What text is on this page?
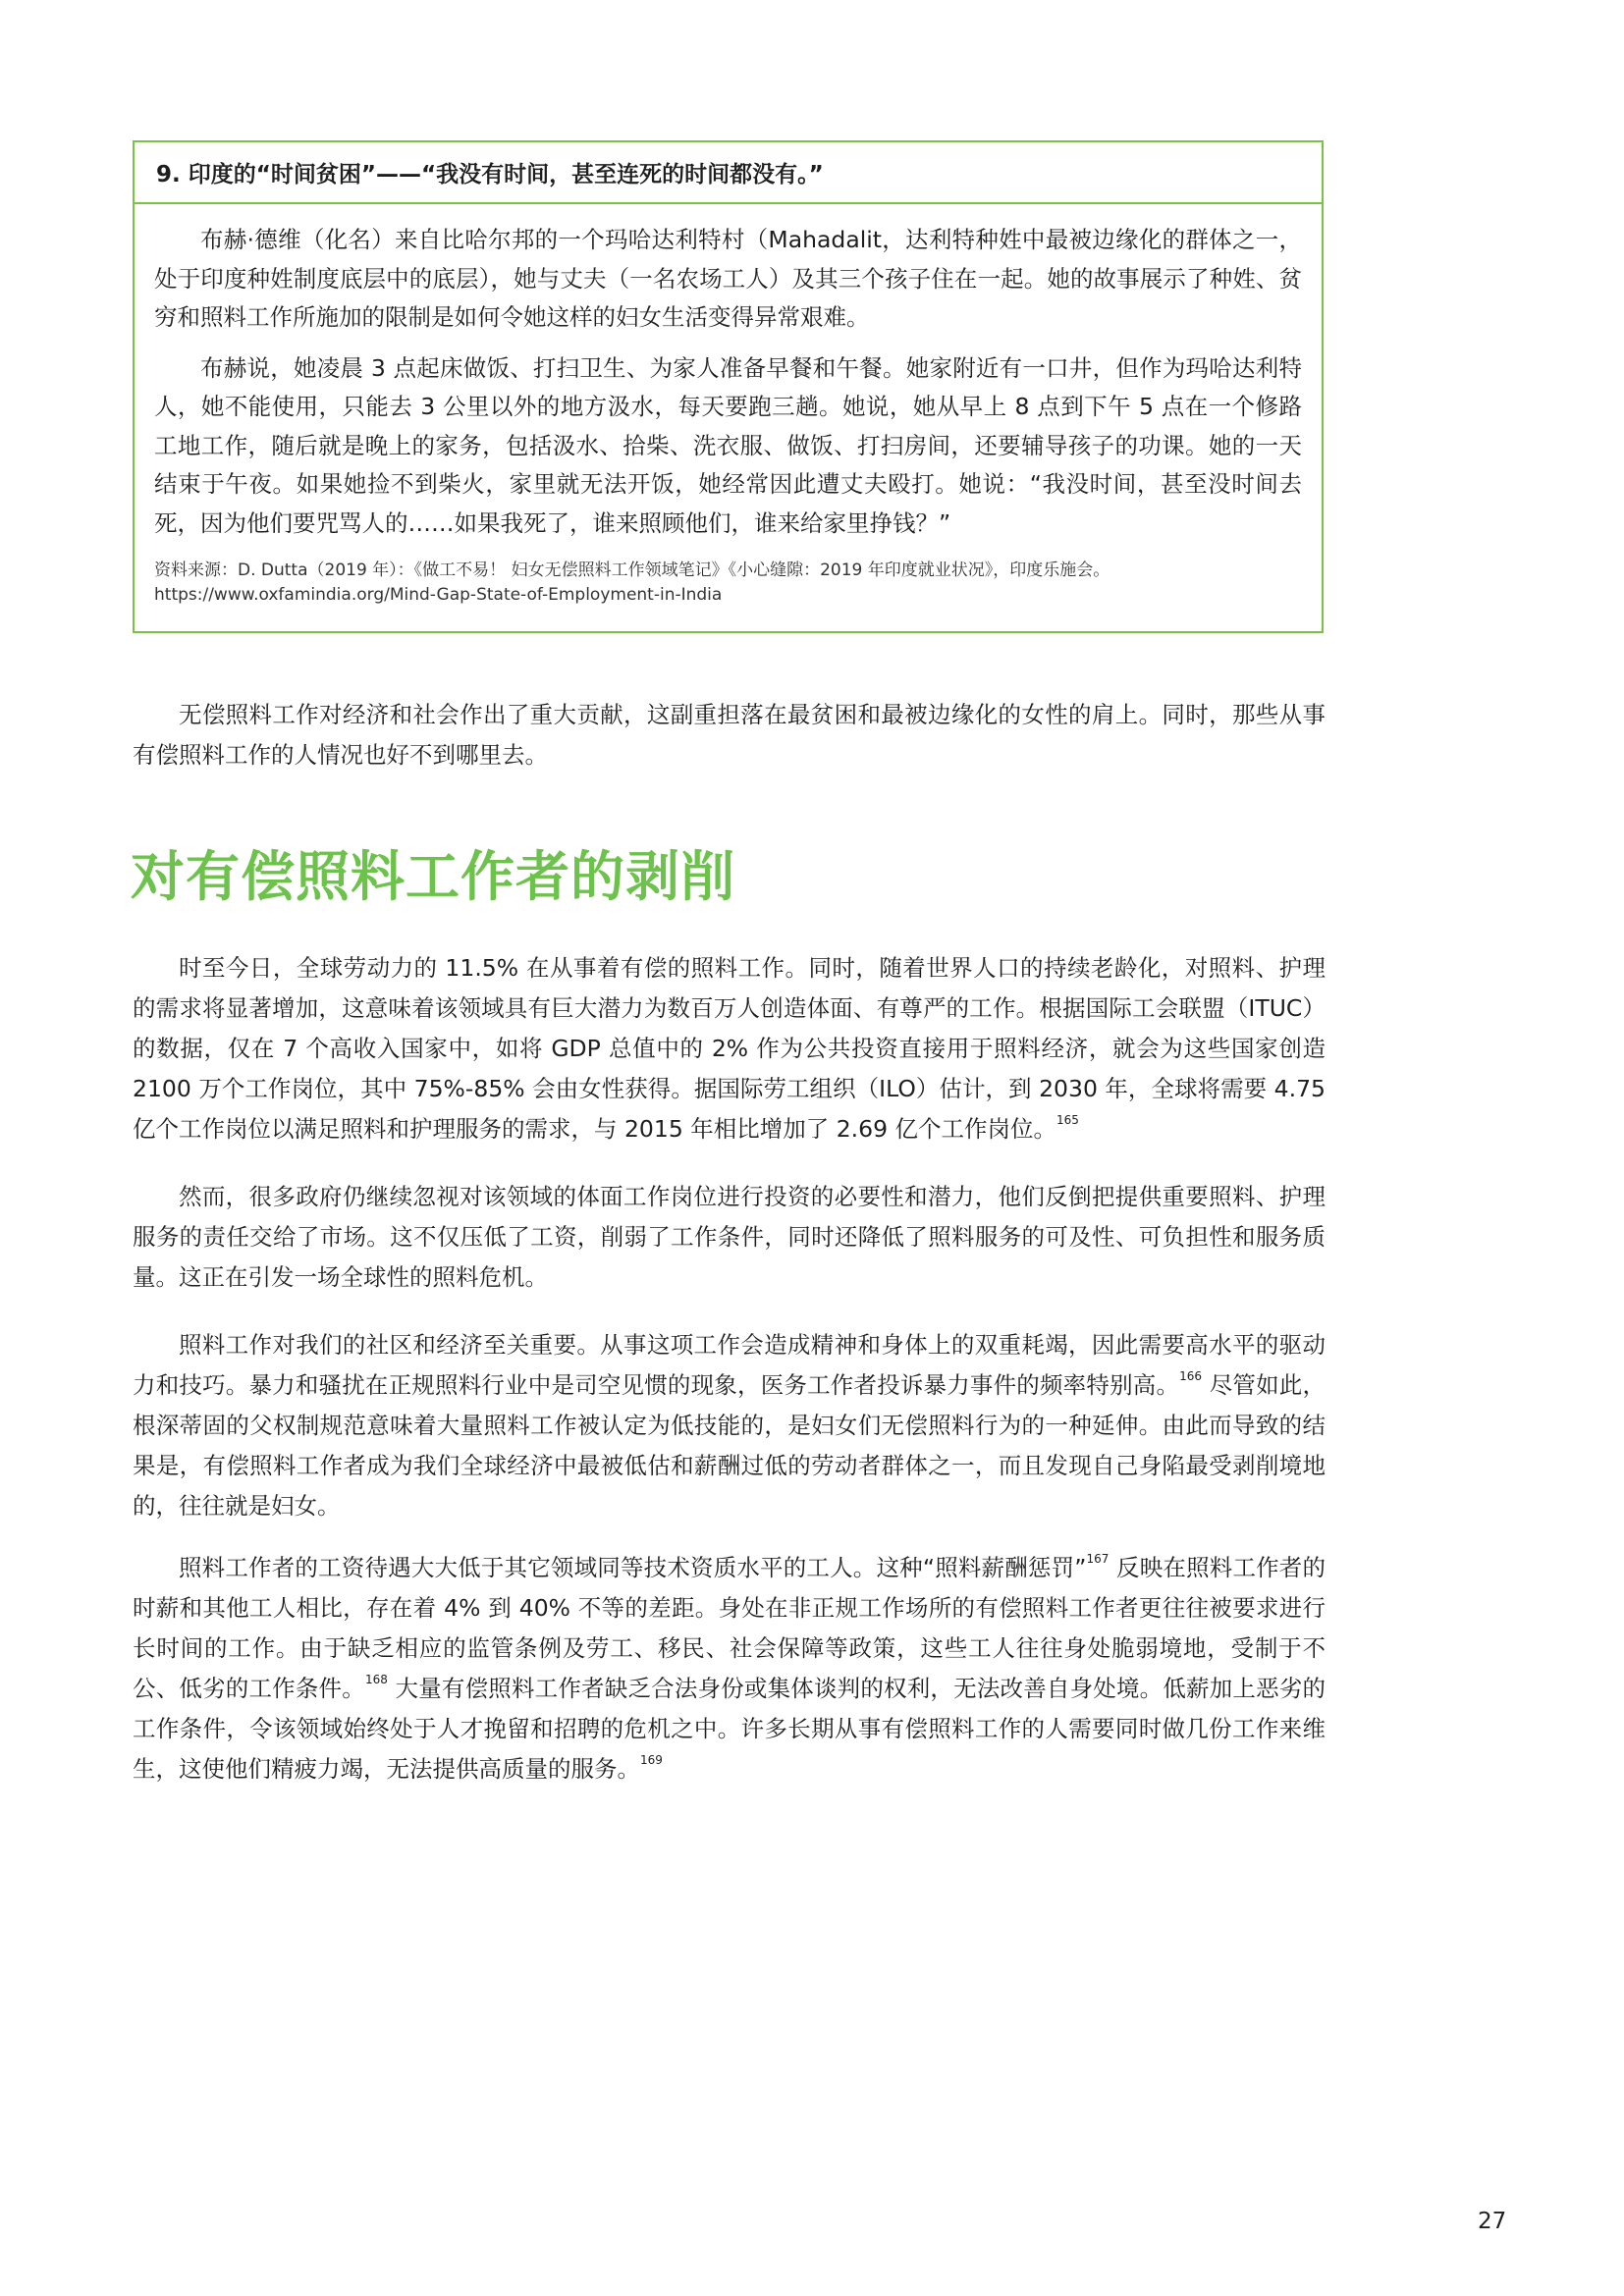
9. 印度的“时间贫困”——“我没有时间，甚至连死的时间都没有。”

布赫·德维（化名）来自比哈尔邦的一个玛哈达利特村（Mahadalit，达利特种姓中最被边缘化的群体之一，处于印度种姓制度底层中的底层），她与丈夫（一名农场工人）及其三个孩子住在一起。她的故事展示了种姓、贫穷和照料工作所施加的限制是如何令她这样的妇女生活变得异常艰难。

布赫说，她凌晨 3 点起床做饭、打扫卫生、为家人准备早餐和午餐。她家附近有一口井，但作为玛哈达利特人，她不能使用，只能去 3 公里以外的地方汲水，每天要跑三趟。她说，她从早上 8 点到下午 5 点在一个修路工地工作，随后就是晚上的家务，包括汲水、拾柴、洗衣服、做饭、打扫房间，还要辅导孩子的功课。她的一天结束于午夜。如果她捡不到柴火，家里就无法开饭，她经常因此遭丈夫殴打。她说：“我没时间，甚至没时间去死，因为他们要咒骂人的……如果我死了，谁来照顾他们，谁来给家里挣钱？”

资料来源：D. Dutta（2019 年）：《做工不易！ 妇女无偿照料工作领域笔记》《小心缝隙：2019 年印度就业状况》，印度乐施会。
https://www.oxfamindia.org/Mind-Gap-State-of-Employment-in-India

无偿照料工作对经济和社会作出了重大贡献，这副重担落在最贫困和最被边缘化的女性的肩上。同时，那些从事有偿照料工作的人情况也好不到哪里去。

对有偿照料工作者的剥削

时至今日，全球劳动力的 11.5% 在从事着有偿的照料工作。同时，随着世界人口的持续老龄化，对照料、护理的需求将显著增加，这意味着该领域具有巨大潜力为数百万人创造体面、有尊严的工作。根据国际工会联盟（ITUC）的数据，仅在 7 个高收入国家中，如将 GDP 总值中的 2% 作为公共投资直接用于照料经济，就会为这些国家创造 2100 万个工作岗位，其中 75%-85% 会由女性获得。据国际劳工组织（ILO）估计，到 2030 年，全球将需要 4.75 亿个工作岗位以满足照料和护理服务的需求，与 2015 年相比增加了 2.69 亿个工作岗位。$^{165}$

然而，很多政府仍继续忽视对该领域的体面工作岗位进行投资的必要性和潜力，他们反倒把提供重要照料、护理服务的责任交给了市场。这不仅压低了工资，削弱了工作条件，同时还降低了照料服务的可及性、可负担性和服务质量。这正在引发一场全球性的照料危机。

照料工作对我们的社区和经济至关重要。从事这项工作会造成精神和身体上的双重耗竭，因此需要高水平的驱动力和技巧。暴力和骚扰在正规照料行业中是司空见惯的现象，医务工作者投诉暴力事件的频率特别高。$^{166}$ 尽管如此，根深蒂固的父权制规范意味着大量照料工作被认定为低技能的，是妇女们无偿照料行为的一种延伸。由此而导致的结果是，有偿照料工作者成为我们全球经济中最被低估和薪酬过低的劳动者群体之一，而且发现自己身陷最受剥削境地的，往往就是妇女。

照料工作者的工资待遇大大低于其它领域同等技术资质水平的工人。这种“照料薪酬惩罚”$^{167}$ 反映在照料工作者的时薪和其他工人相比，存在着 4% 到 40% 不等的差距。身处在非正规工作场所的有偿照料工作者更往往被要求进行长时间的工作。由于缺乏相应的监管条例及劳工、移民、社会保障等政策，这些工人往往身处脆弱境地，受制于不公、低劣的工作条件。$^{168}$ 大量有偿照料工作者缺乏合法身份或集体谈判的权利，无法改善自身处境。低薪加上恶劣的工作条件，令该领域始终处于人才挽留和招聘的危机之中。许多长期从事有偿照料工作的人需要同时做几份工作来维生，这使他们精疲力竭，无法提供高质量的服务。$^{169}$

27
